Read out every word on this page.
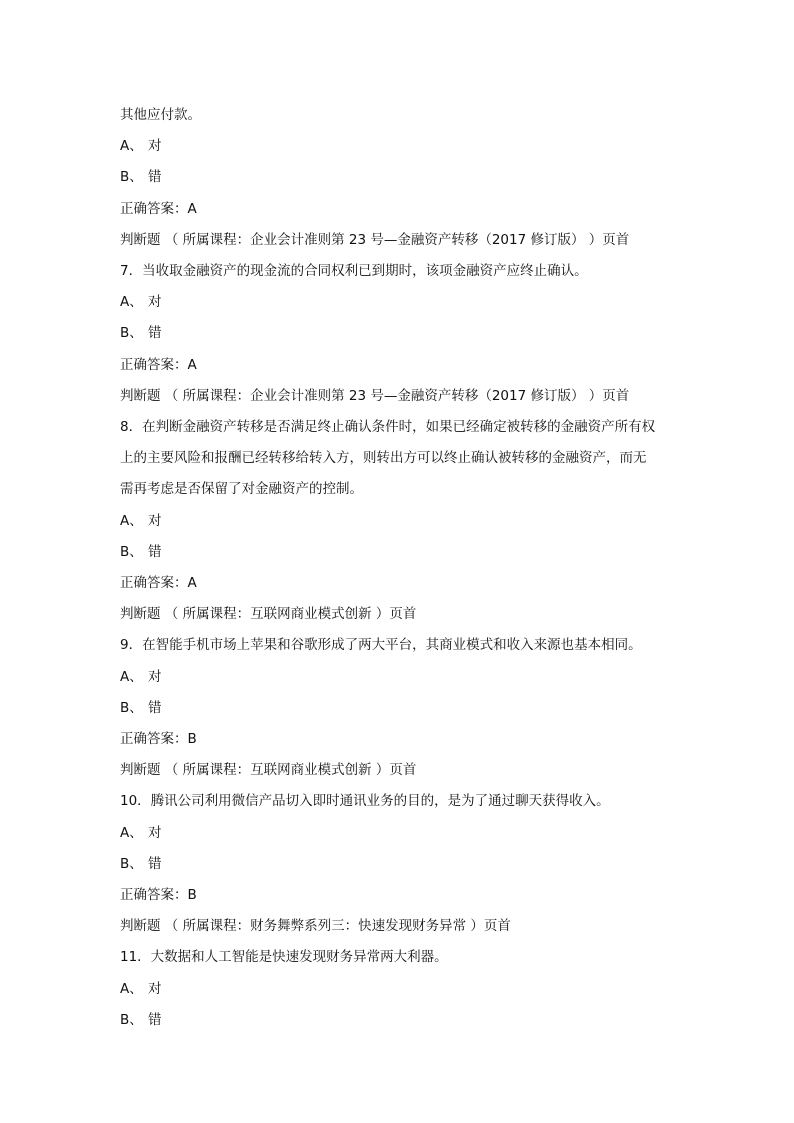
其他应付款。
A、 对
B、 错
正确答案：A
判断题 （ 所属课程：企业会计准则第 23 号—金融资产转移（2017 修订版） ）页首
7．当收取金融资产的现金流的合同权利已到期时，该项金融资产应终止确认。
A、 对
B、 错
正确答案：A
判断题 （ 所属课程：企业会计准则第 23 号—金融资产转移（2017 修订版） ）页首
8．在判断金融资产转移是否满足终止确认条件时，如果已经确定被转移的金融资产所有权
上的主要风险和报酬已经转移给转入方，则转出方可以终止确认被转移的金融资产，而无
需再考虑是否保留了对金融资产的控制。
A、 对
B、 错
正确答案：A
判断题 （ 所属课程：互联网商业模式创新 ）页首
9．在智能手机市场上苹果和谷歌形成了两大平台，其商业模式和收入来源也基本相同。
A、 对
B、 错
正确答案：B
判断题 （ 所属课程：互联网商业模式创新 ）页首
10．腾讯公司利用微信产品切入即时通讯业务的目的，是为了通过聊天获得收入。
A、 对
B、 错
正确答案：B
判断题 （ 所属课程：财务舞弊系列三：快速发现财务异常 ）页首
11．大数据和人工智能是快速发现财务异常两大利器。
A、 对
B、 错
